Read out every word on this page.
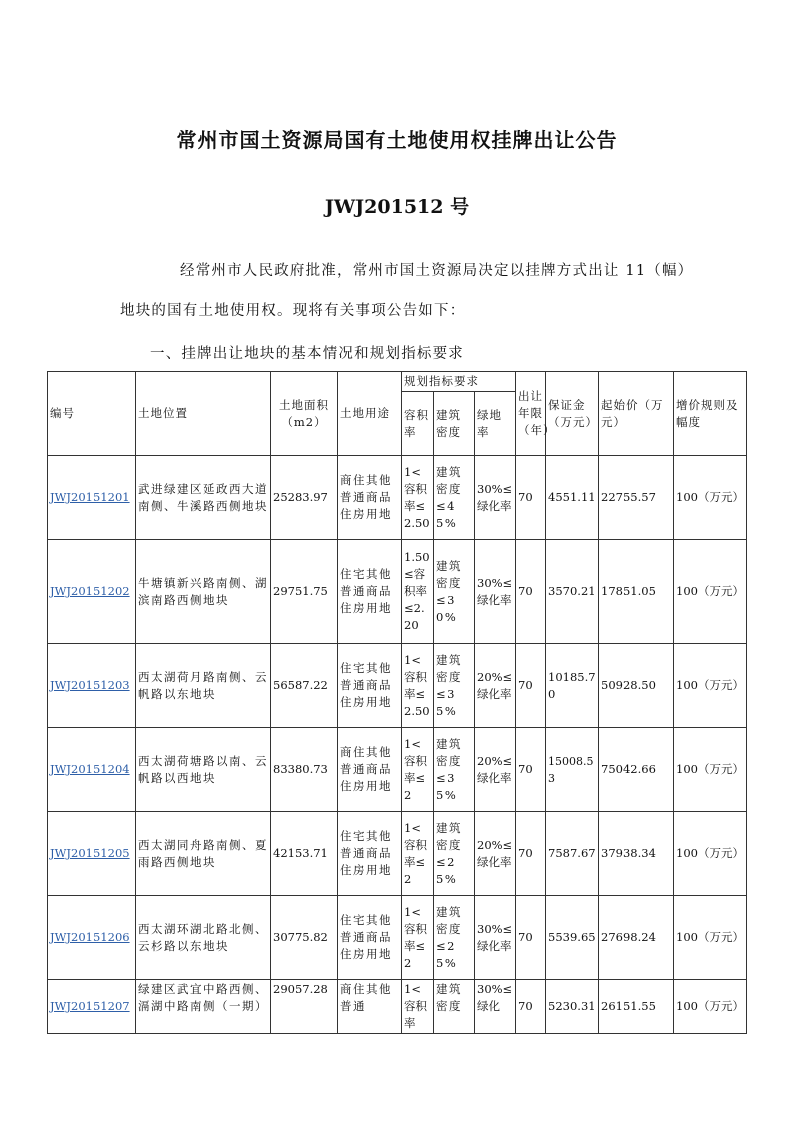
常州市国土资源局国有土地使用权挂牌出让公告
JWJ201512 号
经常州市人民政府批准，常州市国土资源局决定以挂牌方式出让 11（幅）
地块的国有土地使用权。现将有关事项公告如下：
一、挂牌出让地块的基本情况和规划指标要求
编号	土地位置	土地面积（m2）	土地用途	规划指标要求			出让年限（年）	保证金（万元）	起始价（万元）	增价规则及幅度
				容积率	建筑密度	绿地率				
JWJ20151201	武进绿建区延政西大道南侧、牛溪路西侧地块	25283.97	商住其他普通商品住房用地	1<容积率≤2.50	建筑密度≤45%	30%≤绿化率	70	4551.11	22755.57	100（万元）
JWJ20151202	牛塘镇新兴路南侧、湖滨南路西侧地块	29751.75	住宅其他普通商品住房用地	1.50≤容积率≤2.20	建筑密度≤30%	30%≤绿化率	70	3570.21	17851.05	100（万元）
JWJ20151203	西太湖荷月路南侧、云帆路以东地块	56587.22	住宅其他普通商品住房用地	1<容积率≤2.50	建筑密度≤35%	20%≤绿化率	70	10185.70	50928.50	100（万元）
JWJ20151204	西太湖荷塘路以南、云帆路以西地块	83380.73	商住其他普通商品住房用地	1<容积率≤2	建筑密度≤35%	20%≤绿化率	70	15008.53	75042.66	100（万元）
JWJ20151205	西太湖同舟路南侧、夏雨路西侧地块	42153.71	住宅其他普通商品住房用地	1<容积率≤2	建筑密度≤25%	20%≤绿化率	70	7587.67	37938.34	100（万元）
JWJ20151206	西太湖环湖北路北侧、云杉路以东地块	30775.82	住宅其他普通商品住房用地	1<容积率≤2	建筑密度≤25%	30%≤绿化率	70	5539.65	27698.24	100（万元）
JWJ20151207	绿建区武宜中路西侧、滆湖中路南侧（一期）	29057.28	商住其他普通	1<容积率	建筑密度	30%≤绿化	70	5230.31	26151.55	100（万元）
